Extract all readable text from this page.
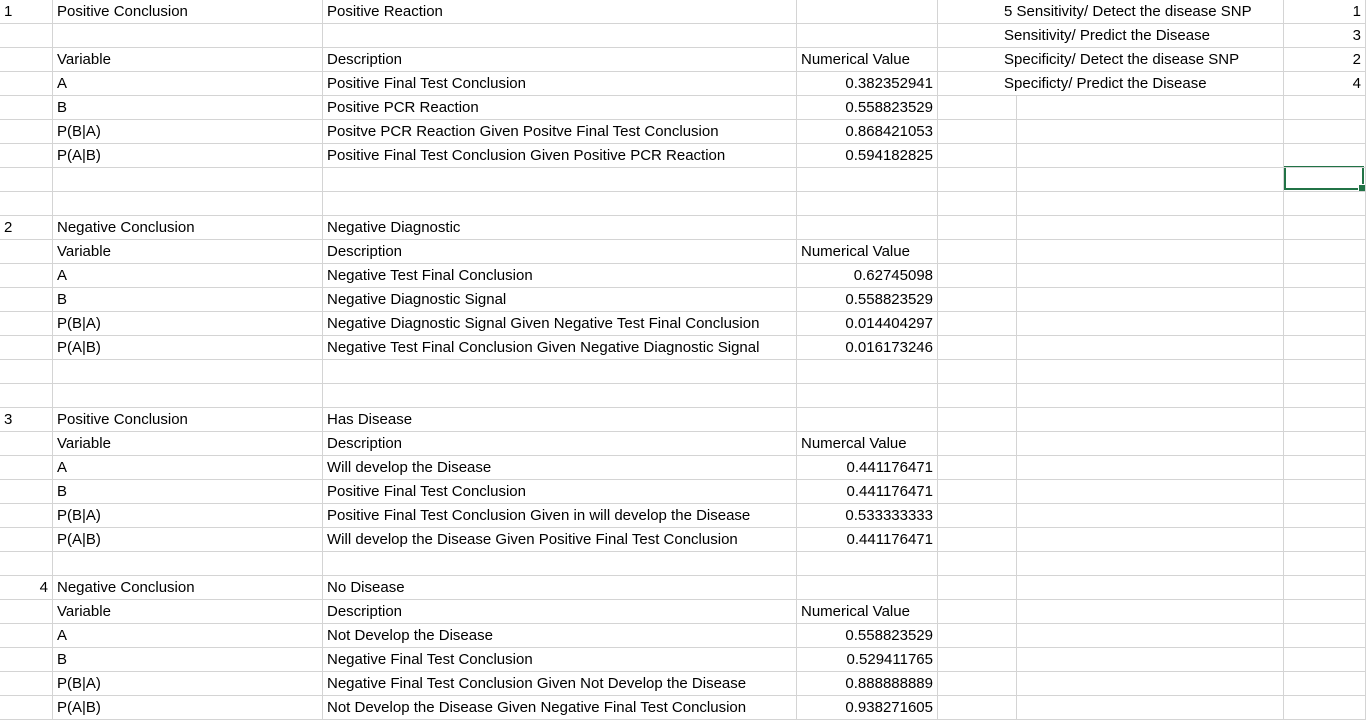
1	Positive Conclusion	Positive Reaction	5 Sensitivity/ Detect the disease SNP	1
Sensitivity/ Predict the Disease	3
Variable	Description	Numerical Value	Specificity/ Detect the disease SNP	2
A	Positive Final Test Conclusion	0.382352941	Specificty/ Predict the Disease	4
B	Positive PCR Reaction	0.558823529
P(B|A)	Positve PCR Reaction Given Positve Final Test Conclusion	0.868421053
P(A|B)	Positive Final Test Conclusion Given Positive PCR Reaction	0.594182825
2	Negative Conclusion	Negative Diagnostic
Variable	Description	Numerical Value
A	Negative Test Final Conclusion	0.62745098
B	Negative Diagnostic Signal	0.558823529
P(B|A)	Negative Diagnostic Signal Given Negative Test Final Conclusion	0.014404297
P(A|B)	Negative Test Final Conclusion Given Negative Diagnostic Signal	0.016173246
3	Positive Conclusion	Has Disease
Variable	Description	Numercal Value
A	Will develop the Disease	0.441176471
B	Positive Final Test Conclusion	0.441176471
P(B|A)	Positive Final Test Conclusion Given in will develop the Disease	0.533333333
P(A|B)	Will develop the Disease Given Positive Final Test Conclusion	0.441176471
4 Negative Conclusion	No Disease
Variable	Description	Numerical Value
A	Not Develop the Disease	0.558823529
B	Negative Final Test Conclusion	0.529411765
P(B|A)	Negative Final Test Conclusion Given Not Develop the Disease	0.888888889
P(A|B)	Not Develop the Disease Given Negative Final Test Conclusion	0.938271605
